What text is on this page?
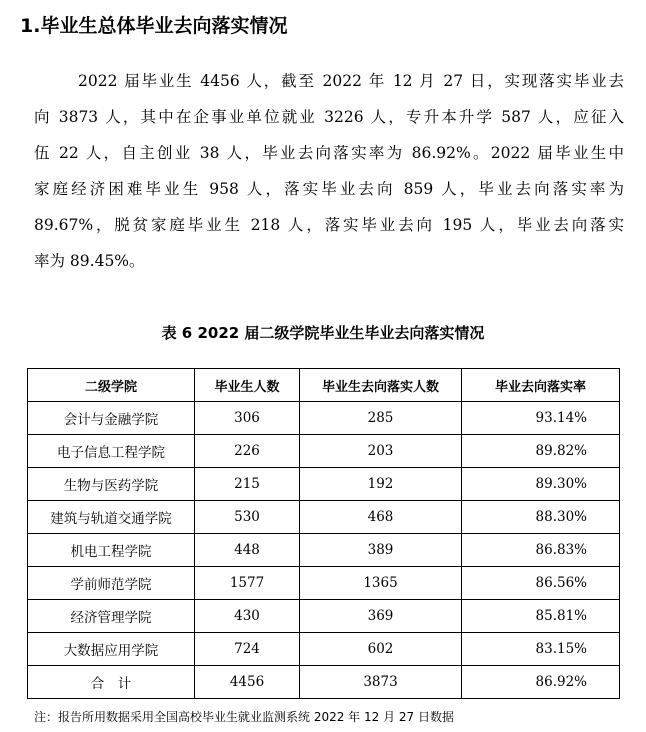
1.毕业生总体毕业去向落实情况
2022 届毕业生 4456 人，截至 2022 年 12 月 27 日，实现落实毕业去
向 3873 人，其中在企事业单位就业 3226 人，专升本升学 587 人，应征入
伍 22 人，自主创业 38 人，毕业去向落实率为 86.92%。2022 届毕业生中
家庭经济困难毕业生 958 人，落实毕业去向 859 人，毕业去向落实率为
89.67%，脱贫家庭毕业生 218 人，落实毕业去向 195 人，毕业去向落实
率为 89.45%。
表 6 2022 届二级学院毕业生毕业去向落实情况
二级学院	毕业生人数	毕业生去向落实人数	毕业去向落实率
会计与金融学院	306	285	93.14%
电子信息工程学院	226	203	89.82%
生物与医药学院	215	192	89.30%
建筑与轨道交通学院	530	468	88.30%
机电工程学院	448	389	86.83%
学前师范学院	1577	1365	86.56%
经济管理学院	430	369	85.81%
大数据应用学院	724	602	83.15%
合　计	4456	3873	86.92%
注：报告所用数据采用全国高校毕业生就业监测系统 2022 年 12 月 27 日数据
